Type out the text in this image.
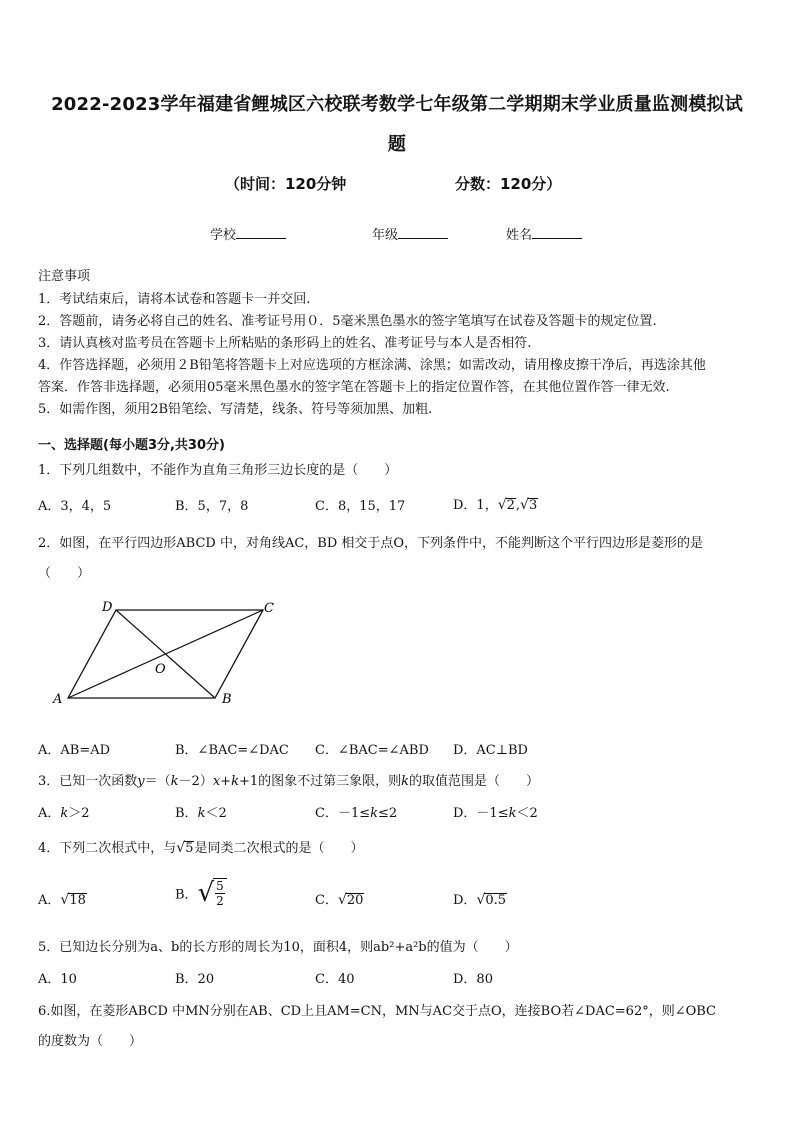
2022-2023学年福建省鲤城区六校联考数学七年级第二学期期末学业质量监测模拟试
题
（时间：120分钟	分数：120分）
学校	年级	姓名
注意事项
1．考试结束后，请将本试卷和答题卡一并交回.
2．答题前，请务必将自己的姓名、准考证号用０．5毫米黑色墨水的签字笔填写在试卷及答题卡的规定位置.
3．请认真核对监考员在答题卡上所粘贴的条形码上的姓名、准考证号与本人是否相符.
4．作答选择题，必须用２B铅笔将答题卡上对应选项的方框涂满、涂黑；如需改动，请用橡皮擦干净后，再选涂其他
答案．作答非选择题，必须用05毫米黑色墨水的签字笔在答题卡上的指定位置作答，在其他位置作答一律无效.
5．如需作图，须用2B铅笔绘、写清楚，线条、符号等须加黑、加粗.
一、选择题(每小题3分,共30分)
1．下列几组数中，不能作为直角三角形三边长度的是（　　）
A．3，4，5	B．5，7，8	C．8，15，17	D．1，√2,√3
2．如图，在平行四边形ABCD 中，对角线AC，BD 相交于点O，下列条件中，不能判断这个平行四边形是菱形的是
（　　）
D	C
O
A	B
A．AB=AD	B．∠BAC=∠DAC C．∠BAC=∠ABD D．AC⊥BD
3．已知一次函数y＝（k－2）x+k+1的图象不过第三象限，则k的取值范围是（　　）
A．k＞2	B．k＜2	C．－1≤k≤2	D．－1≤k＜2
4．下列二次根式中，与√5是同类二次根式的是（　　）
A．√18	B．√ $\frac{5}{2}$	C．√20	D．√0.5
5．已知边长分别为a、b的长方形的周长为10，面积4，则ab²+a²b的值为（　　）
A．10	B．20	C．40	D．80
6.如图，在菱形ABCD 中MN分别在AB、CD上且AM=CN，MN与AC交于点O，连接BO若∠DAC=62°，则∠OBC
的度数为（　　）
